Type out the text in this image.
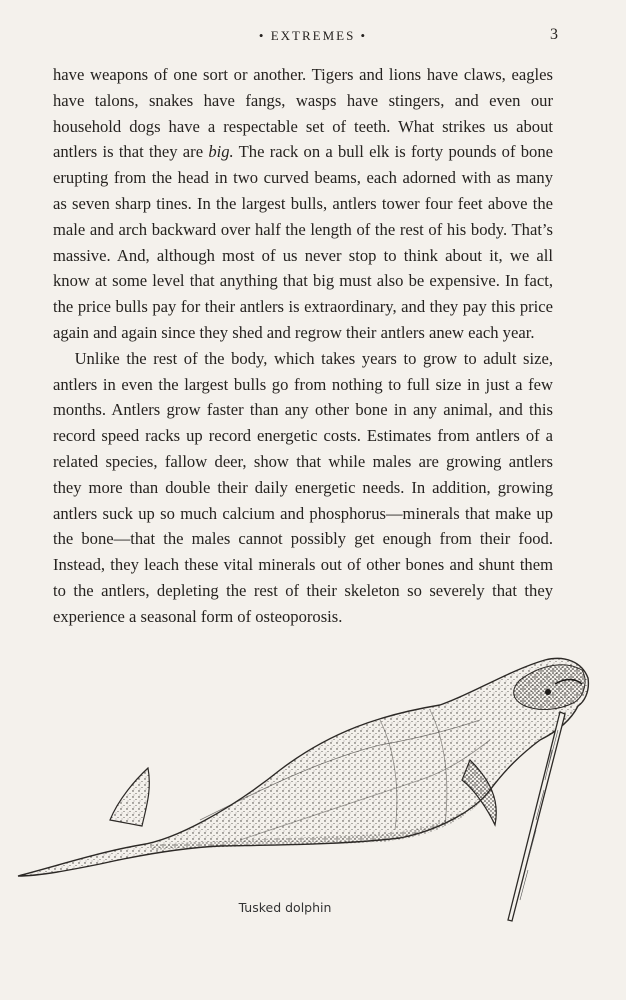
• EXTREMES •	3

have weapons of one sort or another. Tigers and lions have claws, eagles have talons, snakes have fangs, wasps have stingers, and even our household dogs have a respectable set of teeth. What strikes us about antlers is that they are big. The rack on a bull elk is forty pounds of bone erupting from the head in two curved beams, each adorned with as many as seven sharp tines. In the largest bulls, antlers tower four feet above the male and arch backward over half the length of the rest of his body. That’s massive. And, although most of us never stop to think about it, we all know at some level that anything that big must also be expensive. In fact, the price bulls pay for their antlers is extraordinary, and they pay this price again and again since they shed and regrow their antlers anew each year.

Unlike the rest of the body, which takes years to grow to adult size, antlers in even the largest bulls go from nothing to full size in just a few months. Antlers grow faster than any other bone in any animal, and this record speed racks up record energetic costs. Estimates from antlers of a related species, fallow deer, show that while males are growing antlers they more than double their daily energetic needs. In addition, growing antlers suck up so much calcium and phosphorus—minerals that make up the bone—that the males cannot possibly get enough from their food. Instead, they leach these vital minerals out of other bones and shunt them to the antlers, depleting the rest of their skeleton so severely that they experience a seasonal form of osteoporosis.

Tusked dolphin
